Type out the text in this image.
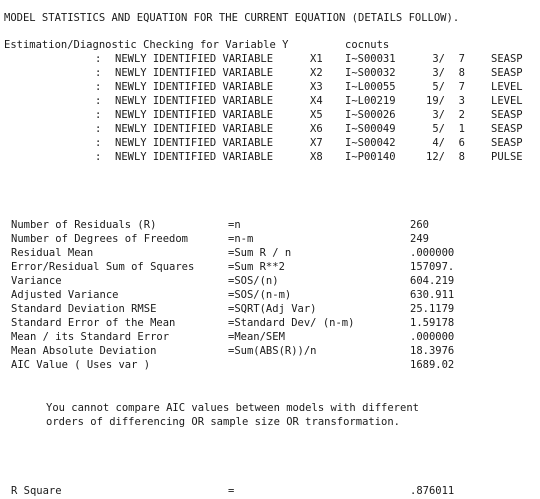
MODEL STATISTICS AND EQUATION FOR THE CURRENT EQUATION (DETAILS FOLLOW).
Estimation/Diagnostic Checking for Variable Y	cocnuts
: NEWLY IDENTIFIED VARIABLE	X1 I~S00031	3/	7 SEASP
: NEWLY IDENTIFIED VARIABLE	X2 I~S00032	3/	8 SEASP
: NEWLY IDENTIFIED VARIABLE	X3 I~L00055	5/	7 LEVEL
: NEWLY IDENTIFIED VARIABLE	X4 I~L00219	19/	3 LEVEL
: NEWLY IDENTIFIED VARIABLE	X5 I~S00026	3/	2 SEASP
: NEWLY IDENTIFIED VARIABLE	X6 I~S00049	5/	1 SEASP
: NEWLY IDENTIFIED VARIABLE	X7 I~S00042	4/	6 SEASP
: NEWLY IDENTIFIED VARIABLE	X8 I~P00140	12/	8 PULSE
Number of Residuals (R)	=n	260
Number of Degrees of Freedom	=n-m	249
Residual Mean	=Sum R / n	.000000
Error/Residual Sum of Squares	=Sum R**2	157097.
Variance	=SOS/(n)	604.219
Adjusted Variance	=SOS/(n-m)	630.911
Standard Deviation RMSE	=SQRT(Adj Var)	25.1179
Standard Error of the Mean	=Standard Dev/ (n-m)	1.59178
Mean / its Standard Error	=Mean/SEM	.000000
Mean Absolute Deviation	=Sum(ABS(R))/n	18.3976
AIC Value ( Uses var )	1689.02
You cannot compare AIC values between models with different
orders of differencing OR sample size OR transformation.
R Square	=	.876011
